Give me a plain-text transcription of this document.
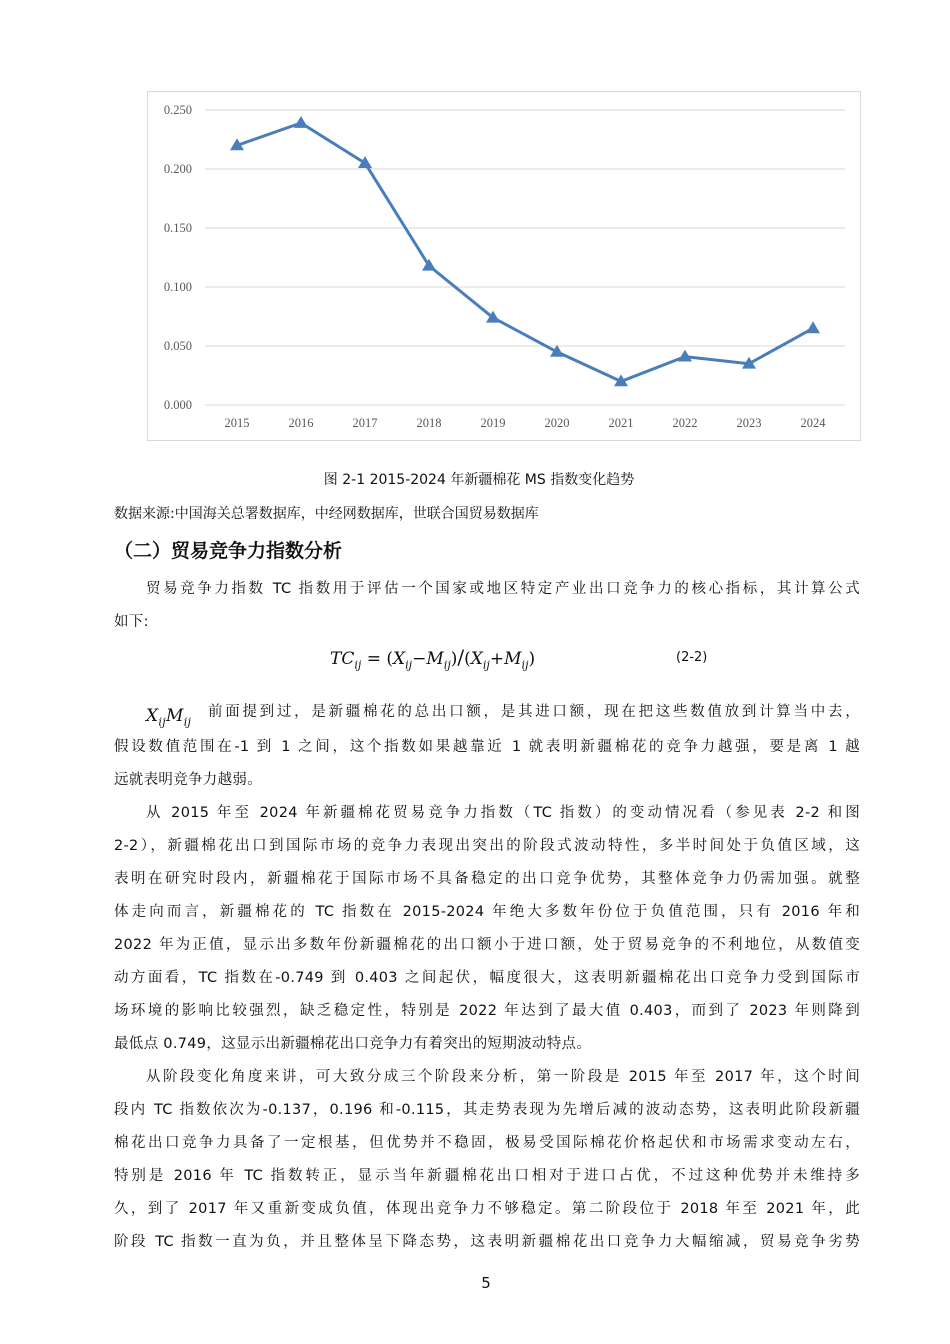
0.000
0.050
0.100
0.150
0.200
0.250
2015	2016	2017	2018	2019	2020	2021	2022	2023	2024
图 2-1 2015-2024 年新疆棉花 MS 指数变化趋势
数据来源:中国海关总署数据库，中经网数据库，世联合国贸易数据库
（二）贸易竞争力指数分析
贸易竞争力指数 TC 指数用于评估一个国家或地区特定产业出口竞争力的核心指标，其计算公式
如下:
$TC_{ij} = (X_{ij}-M_{ij})/(X_{ij}+M_{ij})$	(2-2)
$X_{ij}M_{ij}$
前面提到过，是新疆棉花的总出口额，是其进口额，现在把这些数值放到计算当中去，
假设数值范围在-1 到 1 之间，这个指数如果越靠近 1 就表明新疆棉花的竞争力越强，要是离 1 越
远就表明竞争力越弱。
从 2015 年至 2024 年新疆棉花贸易竞争力指数（TC 指数）的变动情况看（参见表 2-2 和图
2-2），新疆棉花出口到国际市场的竞争力表现出突出的阶段式波动特性，多半时间处于负值区域，这
表明在研究时段内，新疆棉花于国际市场不具备稳定的出口竞争优势，其整体竞争力仍需加强。就整
体走向而言，新疆棉花的 TC 指数在 2015-2024 年绝大多数年份位于负值范围，只有 2016 年和
2022 年为正值，显示出多数年份新疆棉花的出口额小于进口额，处于贸易竞争的不利地位，从数值变
动方面看，TC 指数在-0.749 到 0.403 之间起伏，幅度很大，这表明新疆棉花出口竞争力受到国际市
场环境的影响比较强烈，缺乏稳定性，特别是 2022 年达到了最大值 0.403，而到了 2023 年则降到
最低点 0.749，这显示出新疆棉花出口竞争力有着突出的短期波动特点。
从阶段变化角度来讲，可大致分成三个阶段来分析，第一阶段是 2015 年至 2017 年，这个时间
段内 TC 指数依次为-0.137，0.196 和-0.115，其走势表现为先增后减的波动态势，这表明此阶段新疆
棉花出口竞争力具备了一定根基，但优势并不稳固，极易受国际棉花价格起伏和市场需求变动左右，
特别是 2016 年 TC 指数转正，显示当年新疆棉花出口相对于进口占优，不过这种优势并未维持多
久，到了 2017 年又重新变成负值，体现出竞争力不够稳定。第二阶段位于 2018 年至 2021 年，此
阶段 TC 指数一直为负，并且整体呈下降态势，这表明新疆棉花出口竞争力大幅缩减，贸易竞争劣势
5
